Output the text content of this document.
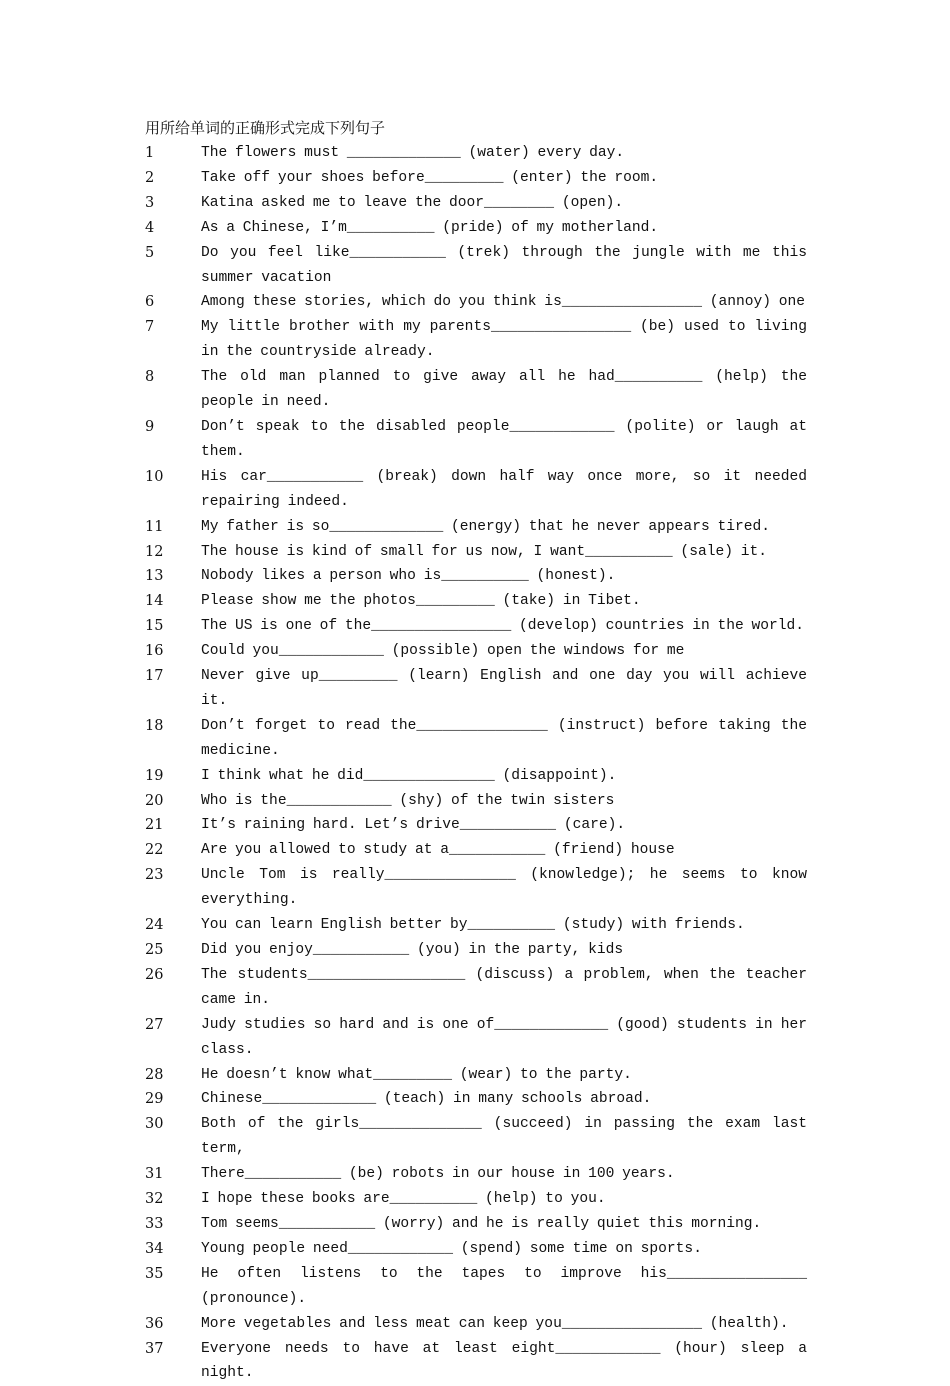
用所给单词的正确形式完成下列句子
1	The flowers must _____________ (water) every day.
2	Take off your shoes before_________ (enter) the room.
3	Katina asked me to leave the door________ (open).
4	As a Chinese, I’m__________ (pride) of my motherland.
5	Do you feel like___________ (trek) through the jungle with me this summer vacation
6	Among these stories, which do you think is________________ (annoy) one
7	My little brother with my parents________________ (be) used to living in the countryside already.
8	The old man planned to give away all he had__________ (help) the people in need.
9	Don’t speak to the disabled people____________ (polite) or laugh at them.
10	His car___________ (break) down half way once more, so it needed repairing indeed.
11	My father is so_____________ (energy) that he never appears tired.
12	The house is kind of small for us now, I want__________ (sale) it.
13	Nobody likes a person who is__________ (honest).
14	Please show me the photos_________ (take) in Tibet.
15	The US is one of the________________ (develop) countries in the world.
16	Could you____________ (possible) open the windows for me
17	Never give up_________ (learn) English and one day you will achieve it.
18	Don’t forget to read the_______________ (instruct) before taking the medicine.
19	I think what he did_______________ (disappoint).
20	Who is the____________ (shy) of the twin sisters
21	It’s raining hard. Let’s drive___________ (care).
22	Are you allowed to study at a___________ (friend) house
23	Uncle Tom is really_______________ (knowledge); he seems to know everything.
24	You can learn English better by__________ (study) with friends.
25	Did you enjoy___________ (you) in the party, kids
26	The students__________________ (discuss) a problem, when the teacher came in.
27	Judy studies so hard and is one of_____________ (good) students in her class.
28	He doesn’t know what_________ (wear) to the party.
29	Chinese_____________ (teach) in many schools abroad.
30	Both of the girls______________ (succeed) in passing the exam last term,
31	There___________ (be) robots in our house in 100 years.
32	I hope these books are__________ (help) to you.
33	Tom seems___________ (worry) and he is really quiet this morning.
34	Young people need____________ (spend) some time on sports.
35	He often listens to the tapes to improve his________________ (pronounce).
36	More vegetables and less meat can keep you________________ (health).
37	Everyone needs to have at least eight____________ (hour) sleep a night.
